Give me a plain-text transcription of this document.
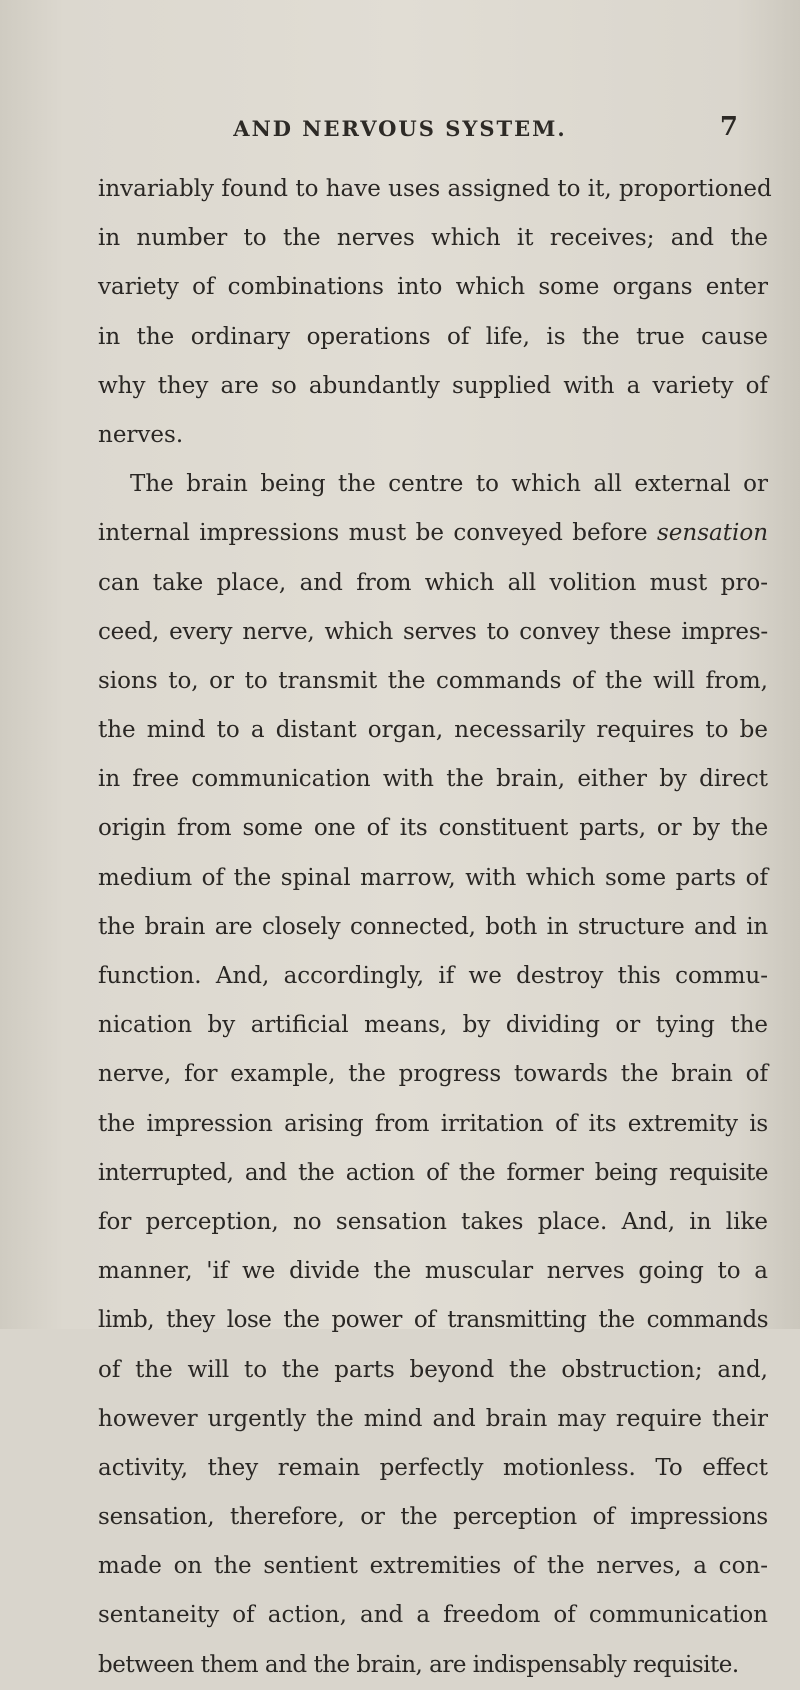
AND NERVOUS SYSTEM.	7
invariably found to have uses assigned to it, proportioned
in number to the nerves which it receives; and the
variety of combinations into which some organs enter
in the ordinary operations of life, is the true cause
why they are so abundantly supplied with a variety of
nerves.
The brain being the centre to which all external or
internal impressions must be conveyed before sensation
can take place, and from which all volition must pro-
ceed, every nerve, which serves to convey these impres-
sions to, or to transmit the commands of the will from,
the mind to a distant organ, necessarily requires to be
in free communication with the brain, either by direct
origin from some one of its constituent parts, or by the
medium of the spinal marrow, with which some parts of
the brain are closely connected, both in structure and in
function. And, accordingly, if we destroy this commu-
nication by artificial means, by dividing or tying the
nerve, for example, the progress towards the brain of
the impression arising from irritation of its extremity is
interrupted, and the action of the former being requisite
for perception, no sensation takes place. And, in like
manner, 'if we divide the muscular nerves going to a
limb, they lose the power of transmitting the commands
of the will to the parts beyond the obstruction; and,
however urgently the mind and brain may require their
activity, they remain perfectly motionless. To effect
sensation, therefore, or the perception of impressions
made on the sentient extremities of the nerves, a con-
sentaneity of action, and a freedom of communication
between them and the brain, are indispensably requisite.
